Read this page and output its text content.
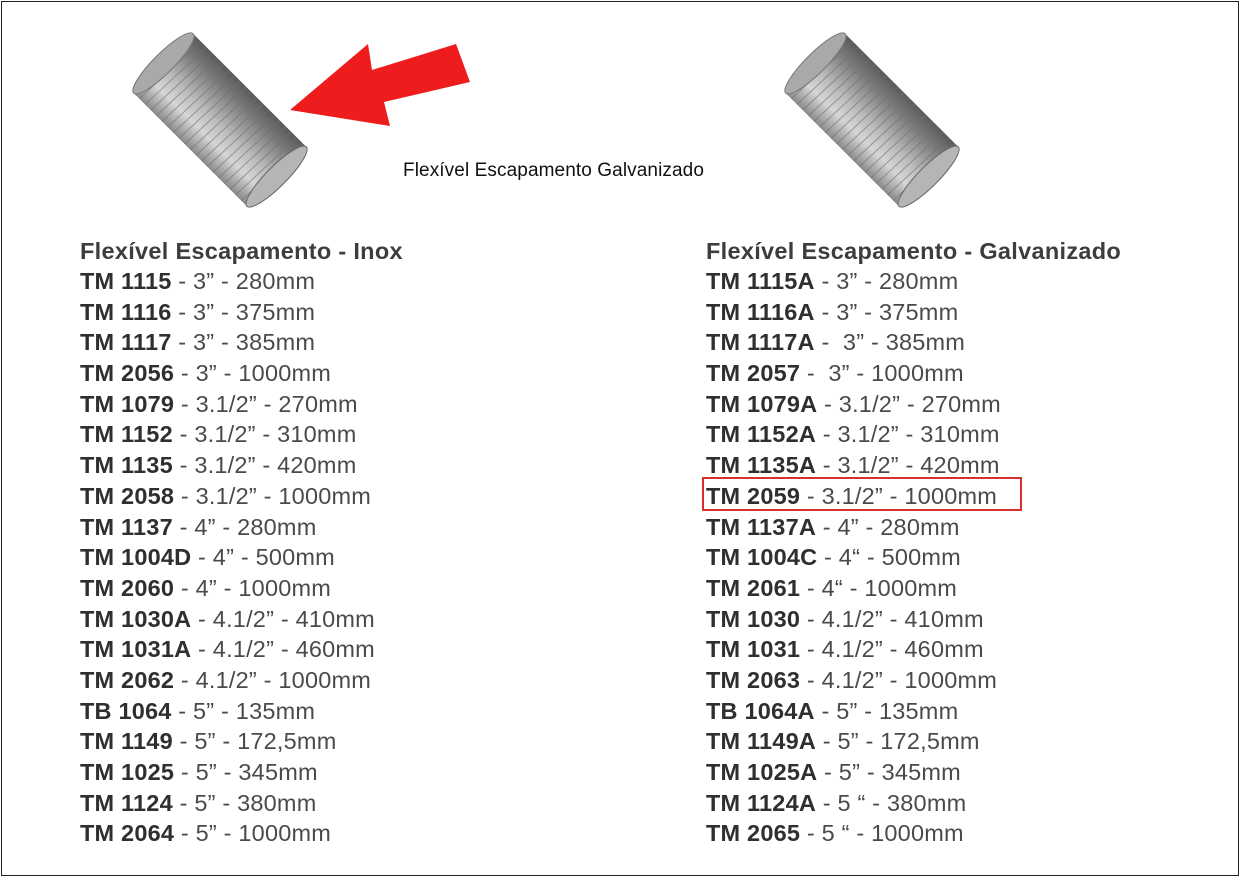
Flexível Escapamento Galvanizado
Flexível Escapamento - Inox
TM 1115 - 3” - 280mm
TM 1116 - 3” - 375mm
TM 1117 - 3” - 385mm
TM 2056 - 3” - 1000mm
TM 1079 - 3.1/2” - 270mm
TM 1152 - 3.1/2” - 310mm
TM 1135 - 3.1/2” - 420mm
TM 2058 - 3.1/2” - 1000mm
TM 1137 - 4” - 280mm
TM 1004D - 4” - 500mm
TM 2060 - 4” - 1000mm
TM 1030A - 4.1/2” - 410mm
TM 1031A - 4.1/2” - 460mm
TM 2062 - 4.1/2” - 1000mm
TB 1064 - 5” - 135mm
TM 1149 - 5” - 172,5mm
TM 1025 - 5” - 345mm
TM 1124 - 5” - 380mm
TM 2064 - 5” - 1000mm
Flexível Escapamento - Galvanizado
TM 1115A - 3” - 280mm
TM 1116A - 3” - 375mm
TM 1117A -  3” - 385mm
TM 2057 -  3” - 1000mm
TM 1079A - 3.1/2” - 270mm
TM 1152A - 3.1/2” - 310mm
TM 1135A - 3.1/2” - 420mm
TM 2059 - 3.1/2” - 1000mm
TM 1137A - 4” - 280mm
TM 1004C - 4“ - 500mm
TM 2061 - 4“ - 1000mm
TM 1030 - 4.1/2” - 410mm
TM 1031 - 4.1/2” - 460mm
TM 2063 - 4.1/2” - 1000mm
TB 1064A - 5” - 135mm
TM 1149A - 5” - 172,5mm
TM 1025A - 5” - 345mm
TM 1124A - 5 “ - 380mm
TM 2065 - 5 “ - 1000mm
